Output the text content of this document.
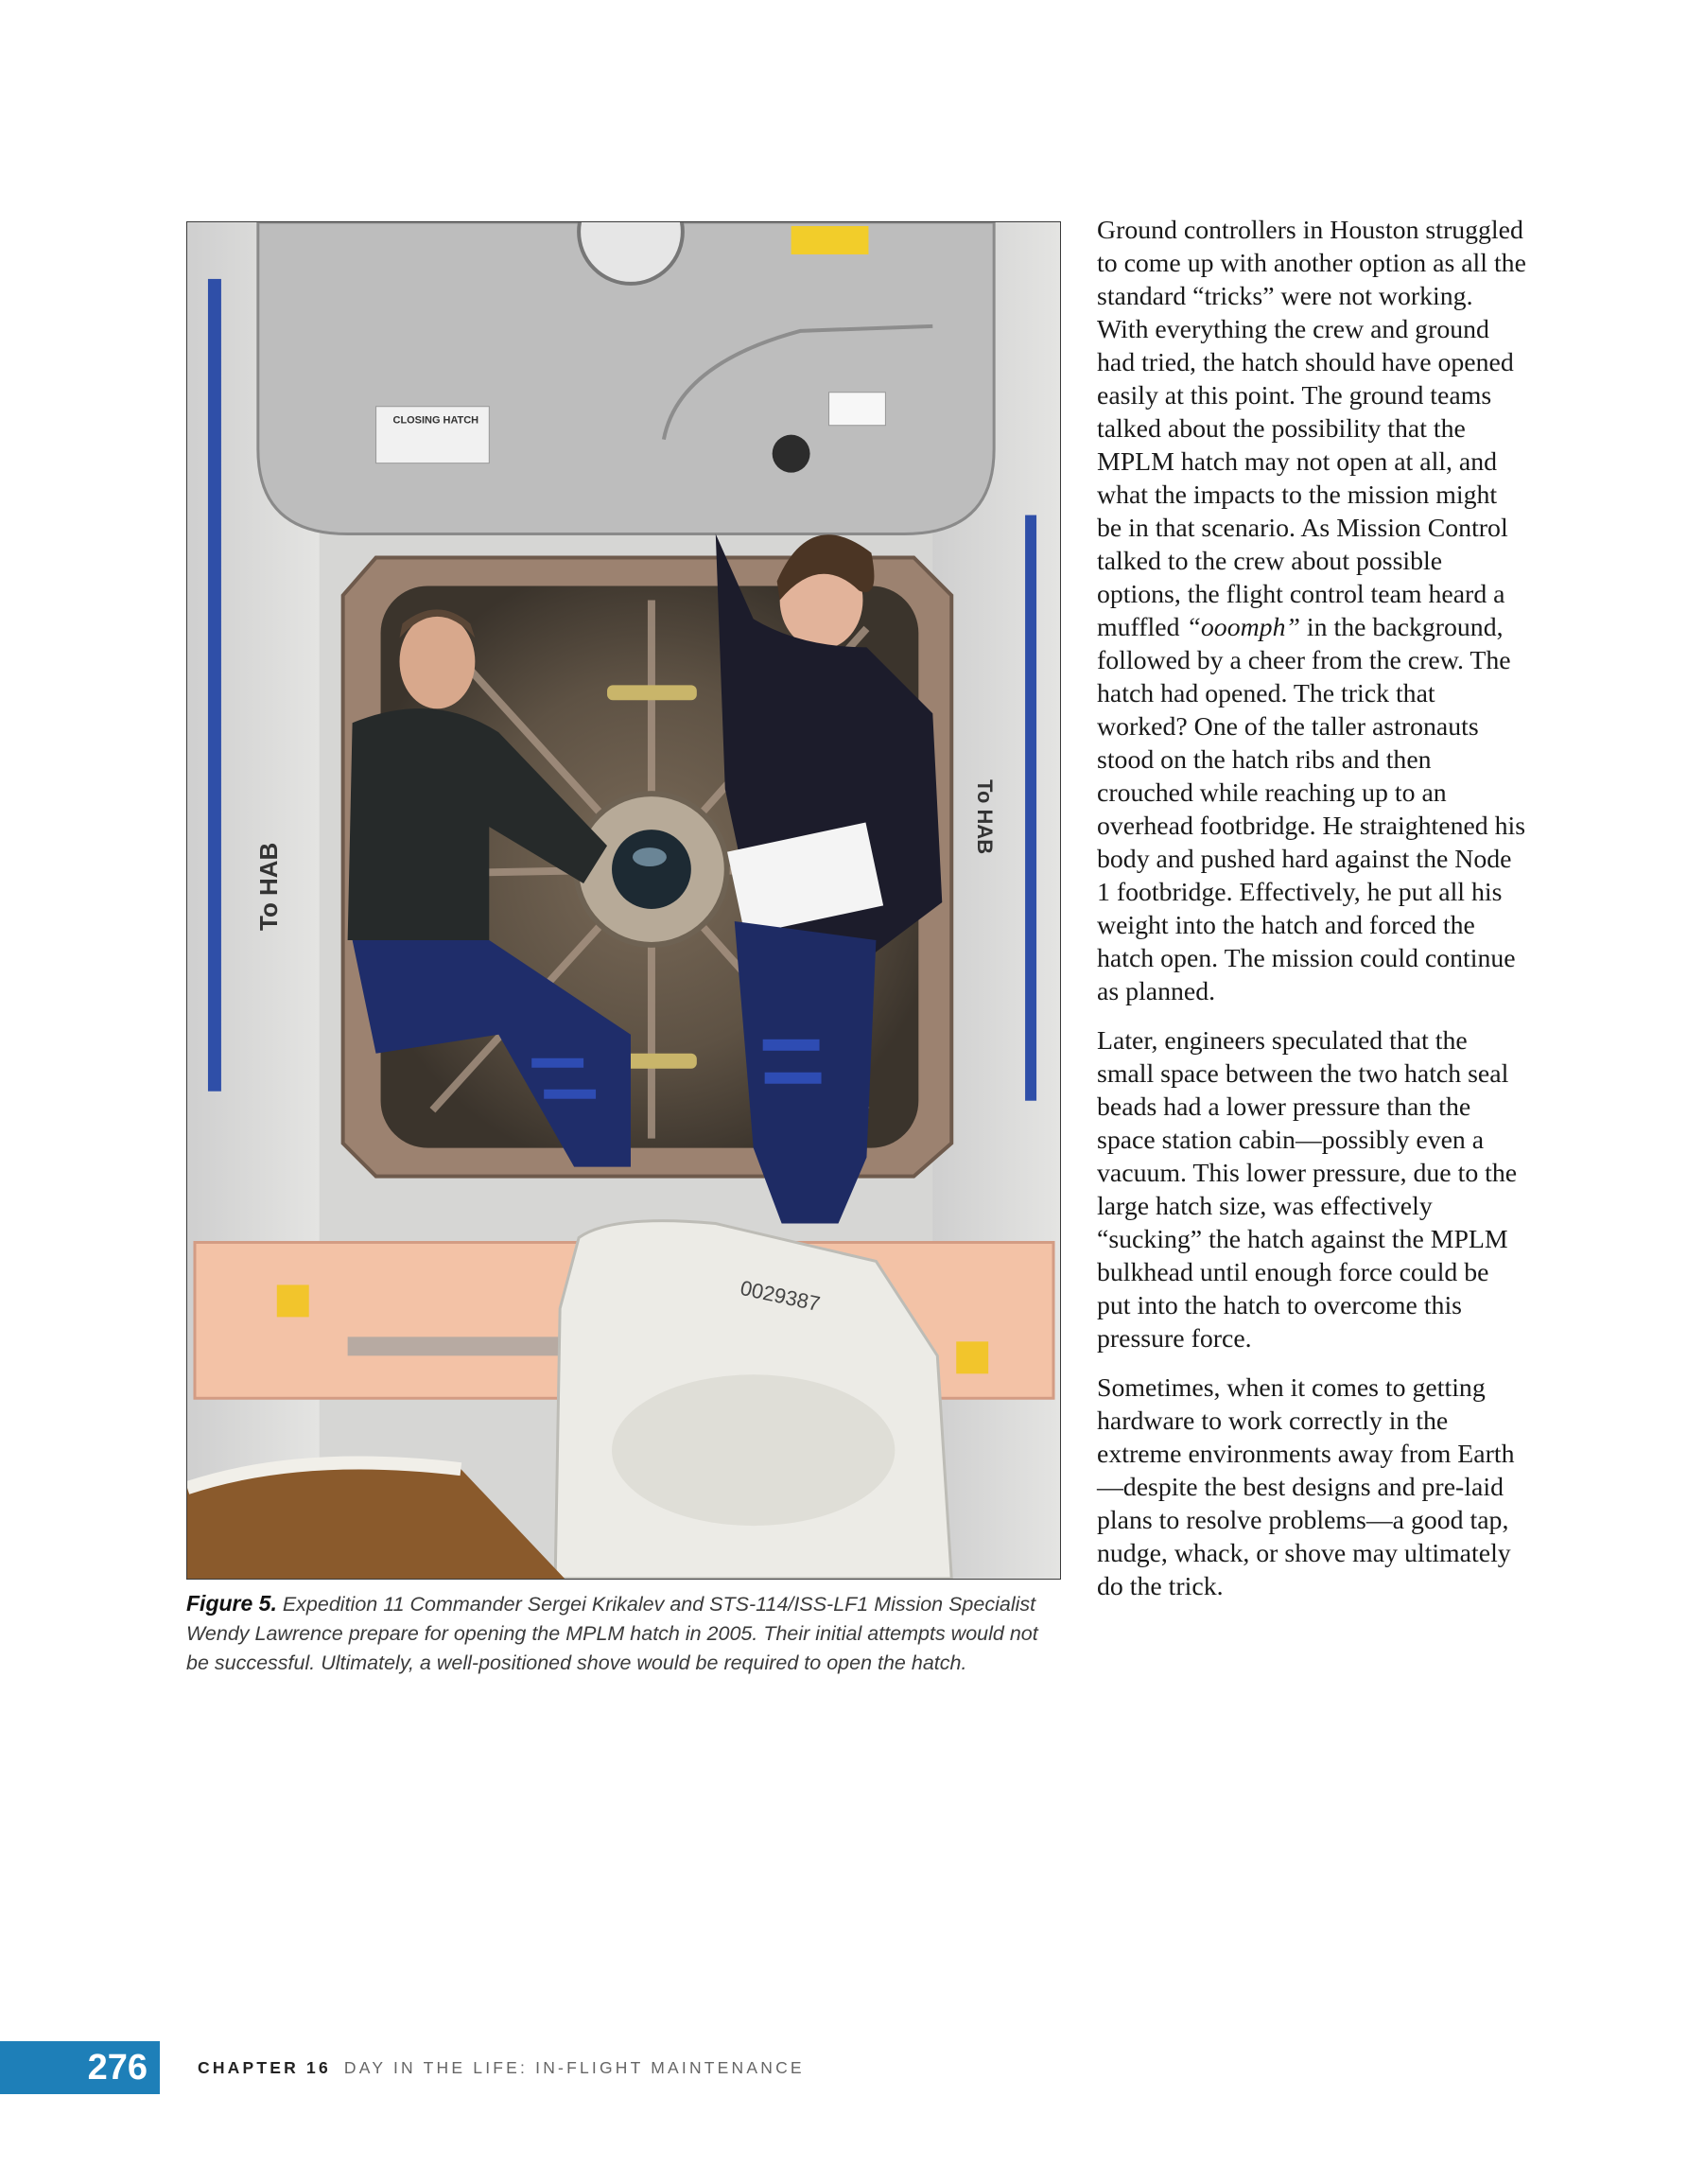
CLOSING HATCH
To HAB
To HAB
0029387
Figure 5. Expedition 11 Commander Sergei Krikalev and STS-114/ISS-LF1 Mission Specialist Wendy Lawrence prepare for opening the MPLM hatch in 2005. Their initial attempts would not be successful. Ultimately, a well-positioned shove would be required to open the hatch.

Ground controllers in Houston struggled to come up with another option as all the standard “tricks” were not working. With everything the crew and ground had tried, the hatch should have opened easily at this point. The ground teams talked about the possibility that the MPLM hatch may not open at all, and what the impacts to the mission might be in that scenario. As Mission Control talked to the crew about possible options, the flight control team heard a muffled “ooomph” in the background, followed by a cheer from the crew. The hatch had opened. The trick that worked? One of the taller astronauts stood on the hatch ribs and then crouched while reaching up to an overhead footbridge. He straightened his body and pushed hard against the Node 1 footbridge. Effectively, he put all his weight into the hatch and forced the hatch open. The mission could continue as planned.

Later, engineers speculated that the small space between the two hatch seal beads had a lower pressure than the space station cabin—possibly even a vacuum. This lower pressure, due to the large hatch size, was effectively “sucking” the hatch against the MPLM bulkhead until enough force could be put into the hatch to overcome this pressure force.

Sometimes, when it comes to getting hardware to work correctly in the extreme environments away from Earth—despite the best designs and pre-laid plans to resolve problems—a good tap, nudge, whack, or shove may ultimately do the trick.

276	CHAPTER 16 DAY IN THE LIFE: IN-FLIGHT MAINTENANCE
